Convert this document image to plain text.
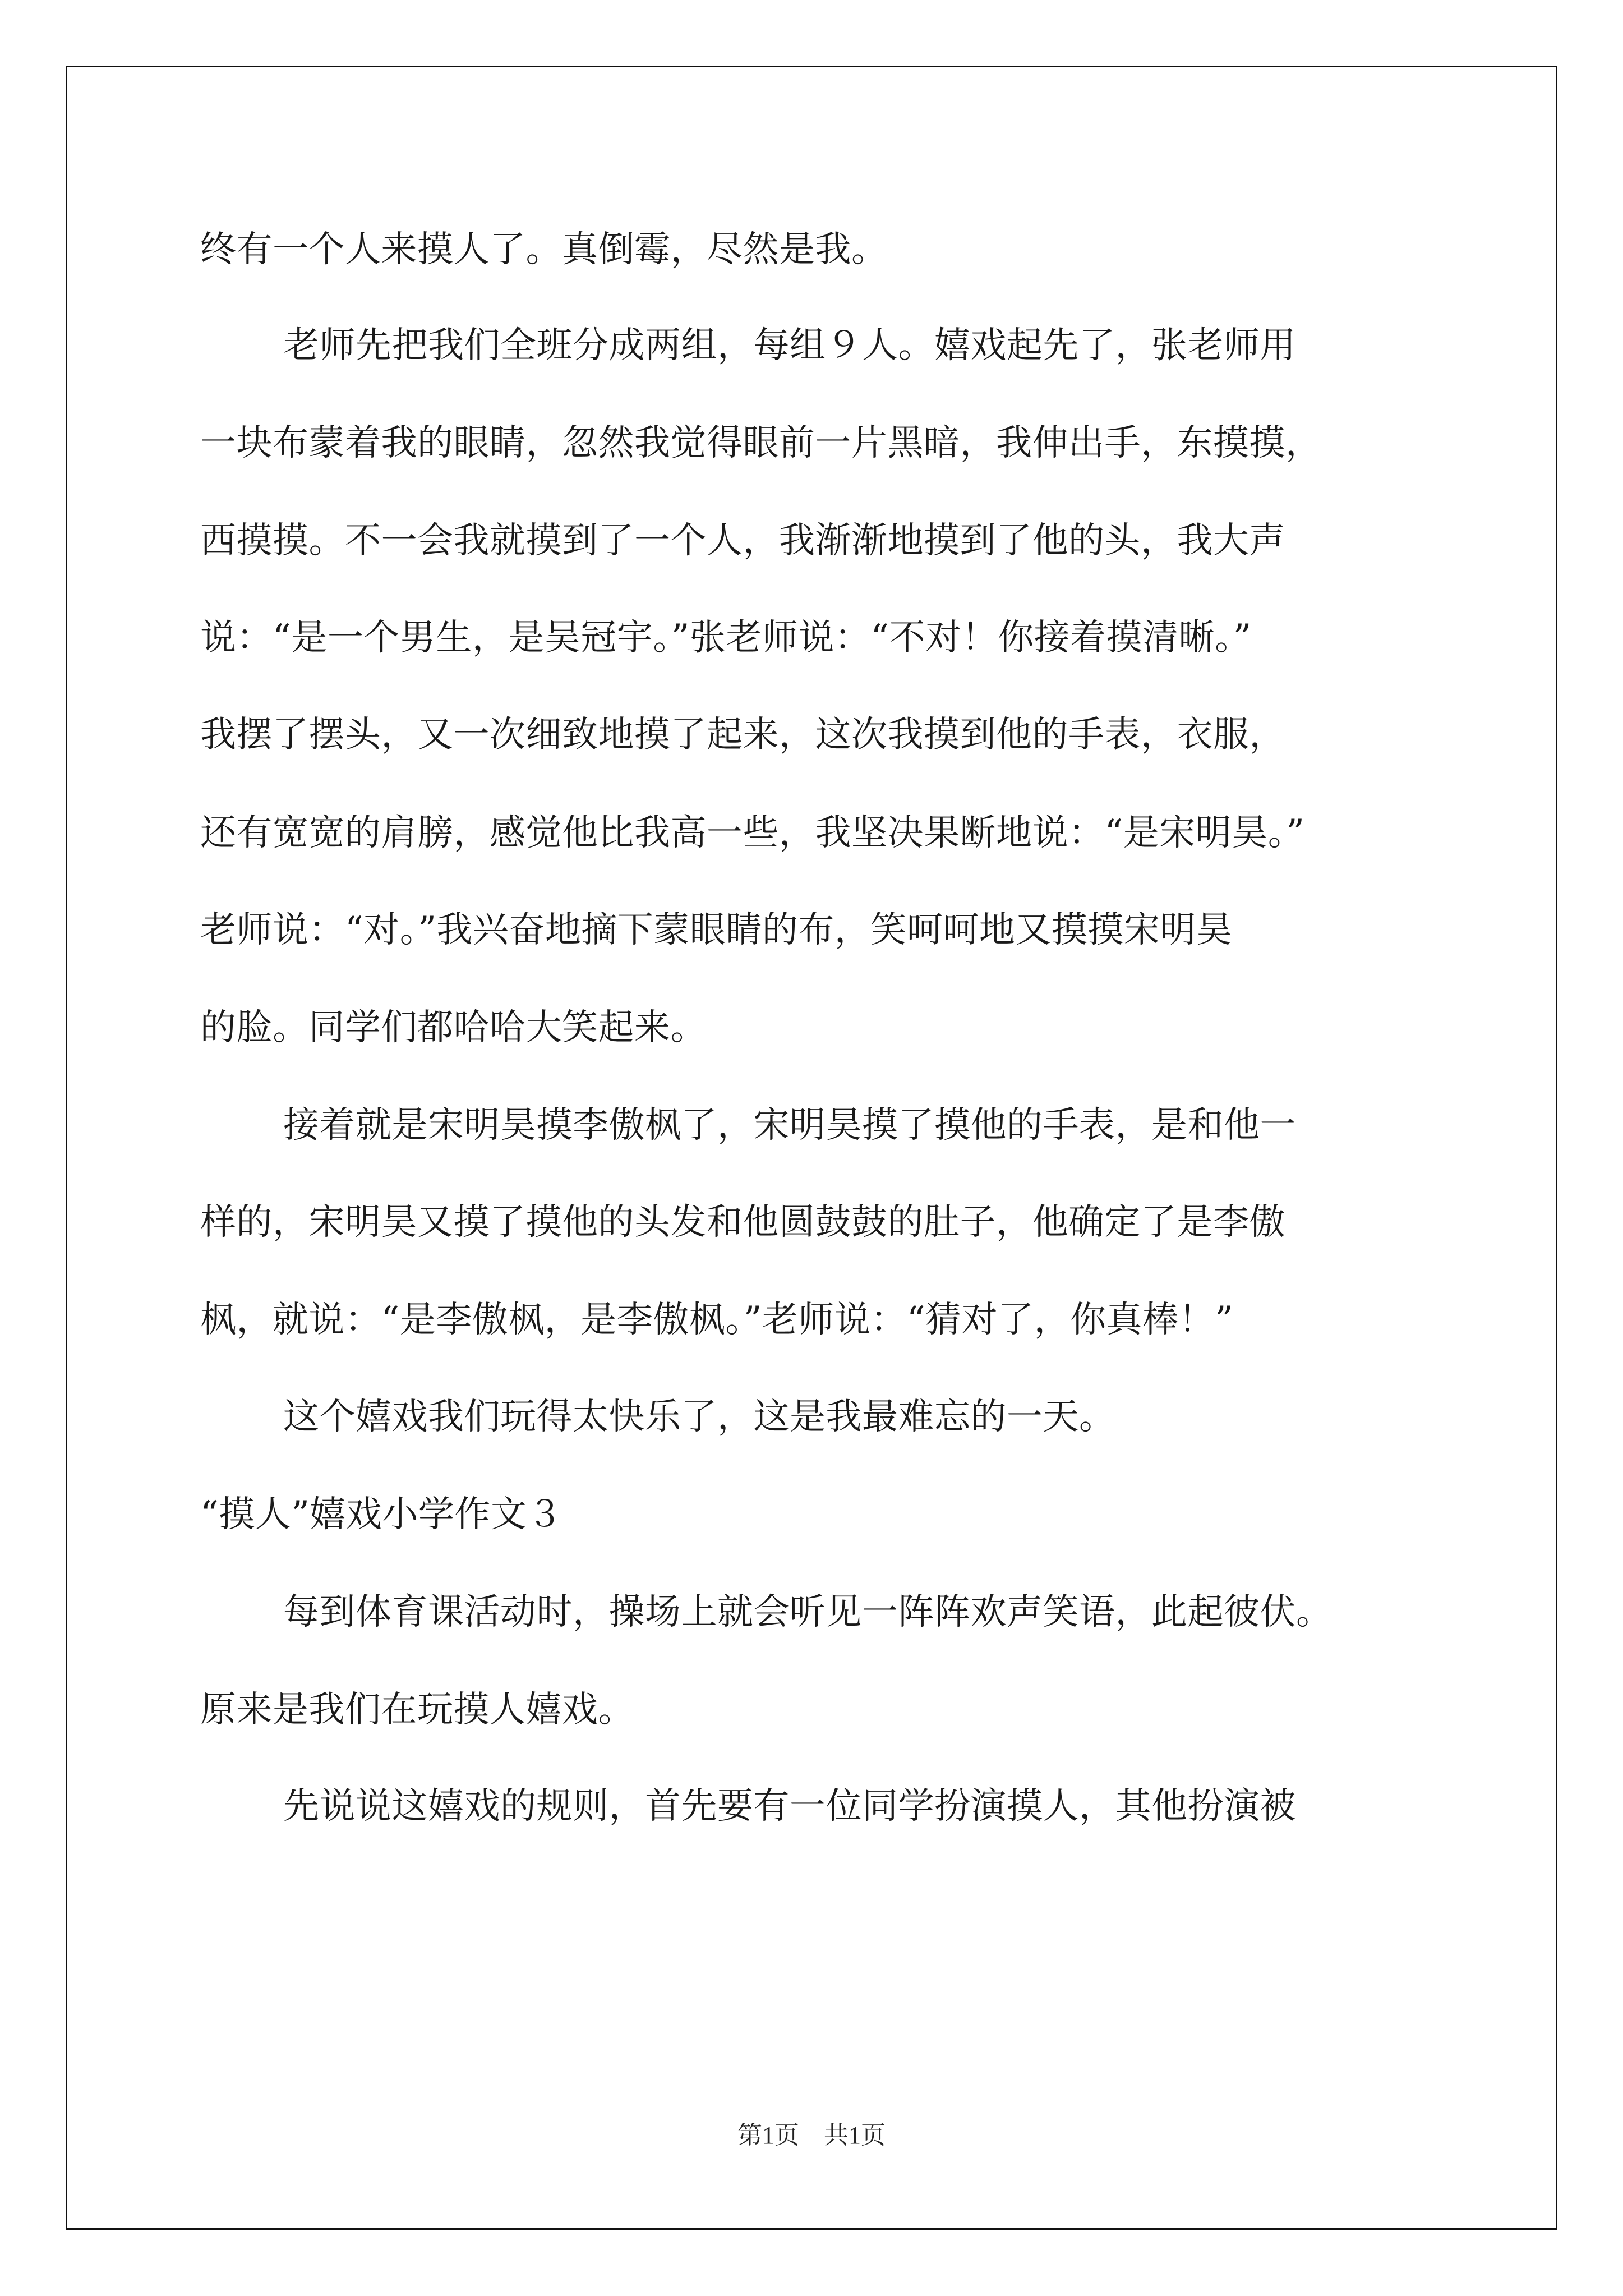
终有一个人来摸人了。真倒霉，尽然是我。
老师先把我们全班分成两组，每组９人。嬉戏起先了，张老师用
一块布蒙着我的眼睛，忽然我觉得眼前一片黑暗，我伸出手，东摸摸，
西摸摸。不一会我就摸到了一个人，我渐渐地摸到了他的头，我大声
说：“是一个男生，是吴冠宇。”张老师说：“不对！你接着摸清晰。”
我摆了摆头，又一次细致地摸了起来，这次我摸到他的手表，衣服，
还有宽宽的肩膀，感觉他比我高一些，我坚决果断地说：“是宋明昊。”
老师说：“对。”我兴奋地摘下蒙眼睛的布，笑呵呵地又摸摸宋明昊
的脸。同学们都哈哈大笑起来。
接着就是宋明昊摸李傲枫了，宋明昊摸了摸他的手表，是和他一
样的，宋明昊又摸了摸他的头发和他圆鼓鼓的肚子，他确定了是李傲
枫，就说：“是李傲枫，是李傲枫。”老师说：“猜对了，你真棒！”
这个嬉戏我们玩得太快乐了，这是我最难忘的一天。
“摸人”嬉戏小学作文３
每到体育课活动时，操场上就会听见一阵阵欢声笑语，此起彼伏。
原来是我们在玩摸人嬉戏。
先说说这嬉戏的规则，首先要有一位同学扮演摸人，其他扮演被
第1页　共1页
